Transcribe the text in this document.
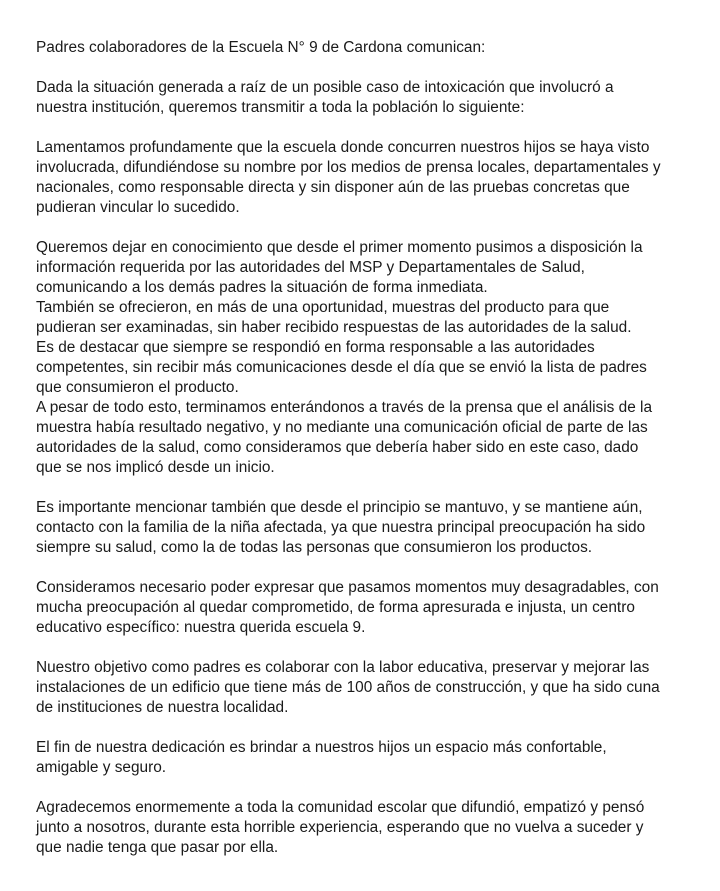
Padres colaboradores de la Escuela N° 9 de Cardona comunican:

Dada la situación generada a raíz de un posible caso de intoxicación que involucró a
nuestra institución, queremos transmitir a toda la población lo siguiente:

Lamentamos profundamente que la escuela donde concurren nuestros hijos se haya visto
involucrada, difundiéndose su nombre por los medios de prensa locales, departamentales y
nacionales, como responsable directa y sin disponer aún de las pruebas concretas que
pudieran vincular lo sucedido.

Queremos dejar en conocimiento que desde el primer momento pusimos a disposición la
información requerida por las autoridades del MSP y Departamentales de Salud,
comunicando a los demás padres la situación de forma inmediata.
También se ofrecieron, en más de una oportunidad, muestras del producto para que
pudieran ser examinadas, sin haber recibido respuestas de las autoridades de la salud.
Es de destacar que siempre se respondió en forma responsable a las autoridades
competentes, sin recibir más comunicaciones desde el día que se envió la lista de padres
que consumieron el producto.
A pesar de todo esto, terminamos enterándonos a través de la prensa que el análisis de la
muestra había resultado negativo, y no mediante una comunicación oficial de parte de las
autoridades de la salud, como consideramos que debería haber sido en este caso, dado
que se nos implicó desde un inicio.

Es importante mencionar también que desde el principio se mantuvo, y se mantiene aún,
contacto con la familia de la niña afectada, ya que nuestra principal preocupación ha sido
siempre su salud, como la de todas las personas que consumieron los productos.

Consideramos necesario poder expresar que pasamos momentos muy desagradables, con
mucha preocupación al quedar comprometido, de forma apresurada e injusta, un centro
educativo específico: nuestra querida escuela 9.

Nuestro objetivo como padres es colaborar con la labor educativa, preservar y mejorar las
instalaciones de un edificio que tiene más de 100 años de construcción, y que ha sido cuna
de instituciones de nuestra localidad.

El fin de nuestra dedicación es brindar a nuestros hijos un espacio más confortable,
amigable y seguro.

Agradecemos enormemente a toda la comunidad escolar que difundió, empatizó y pensó
junto a nosotros, durante esta horrible experiencia, esperando que no vuelva a suceder y
que nadie tenga que pasar por ella.
